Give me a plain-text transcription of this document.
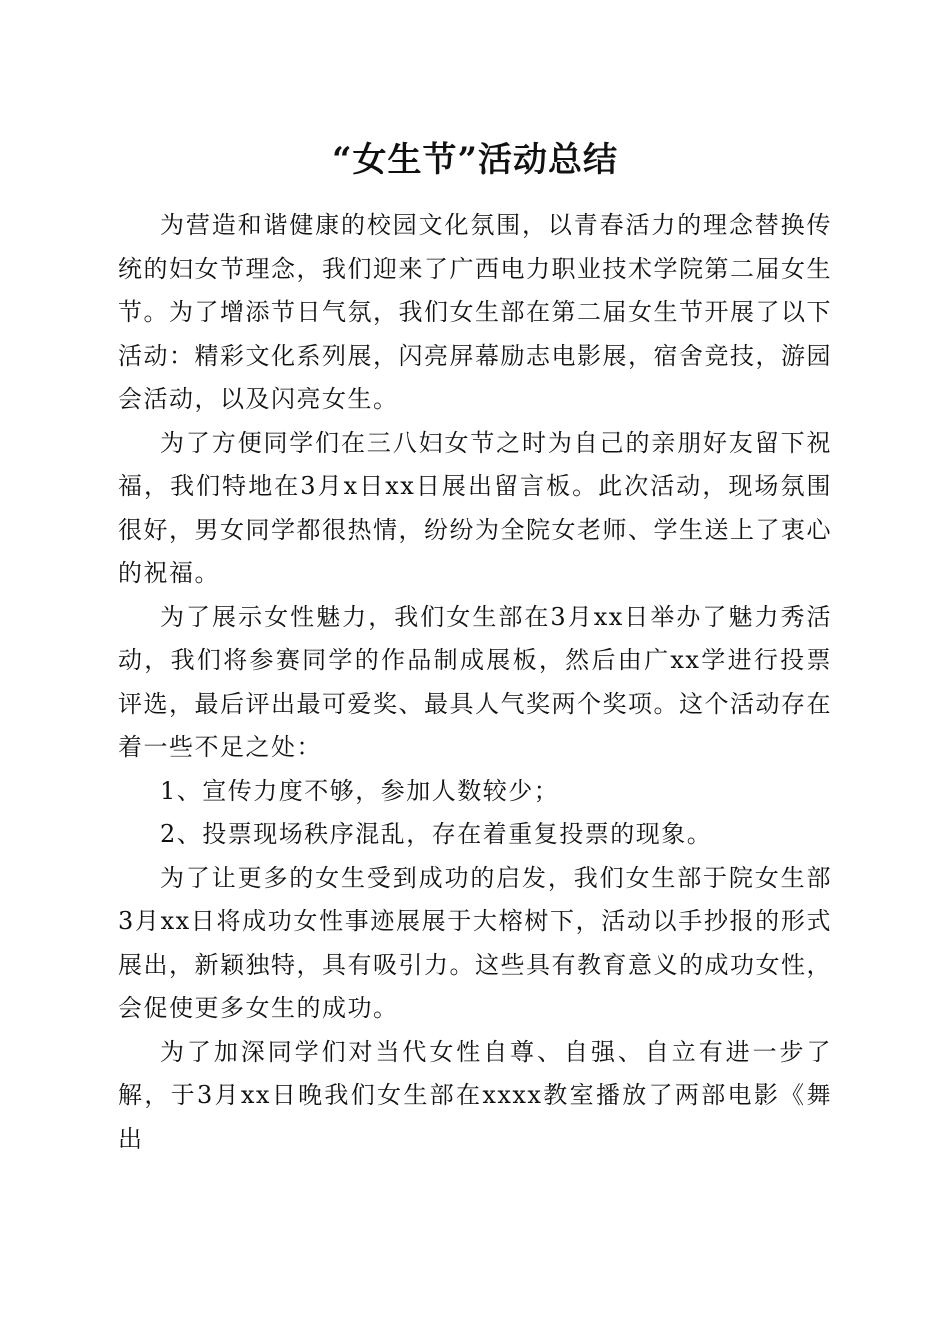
“女生节”活动总结

为营造和谐健康的校园文化氛围，以青春活力的理念替换传统的妇女节理念，我们迎来了广西电力职业技术学院第二届女生节。为了增添节日气氛，我们女生部在第二届女生节开展了以下活动：精彩文化系列展，闪亮屏幕励志电影展，宿舍竞技，游园会活动，以及闪亮女生。

为了方便同学们在三八妇女节之时为自己的亲朋好友留下祝福，我们特地在3月x日xx日展出留言板。此次活动，现场氛围很好，男女同学都很热情，纷纷为全院女老师、学生送上了衷心的祝福。

为了展示女性魅力，我们女生部在3月xx日举办了魅力秀活动，我们将参赛同学的作品制成展板，然后由广xx学进行投票评选，最后评出最可爱奖、最具人气奖两个奖项。这个活动存在着一些不足之处：

1、宣传力度不够，参加人数较少；

2、投票现场秩序混乱，存在着重复投票的现象。

为了让更多的女生受到成功的启发，我们女生部于院女生部3月xx日将成功女性事迹展展于大榕树下，活动以手抄报的形式展出，新颖独特，具有吸引力。这些具有教育意义的成功女性，会促使更多女生的成功。

为了加深同学们对当代女性自尊、自强、自立有进一步了解，于3月xx日晚我们女生部在xxxx教室播放了两部电影《舞出
